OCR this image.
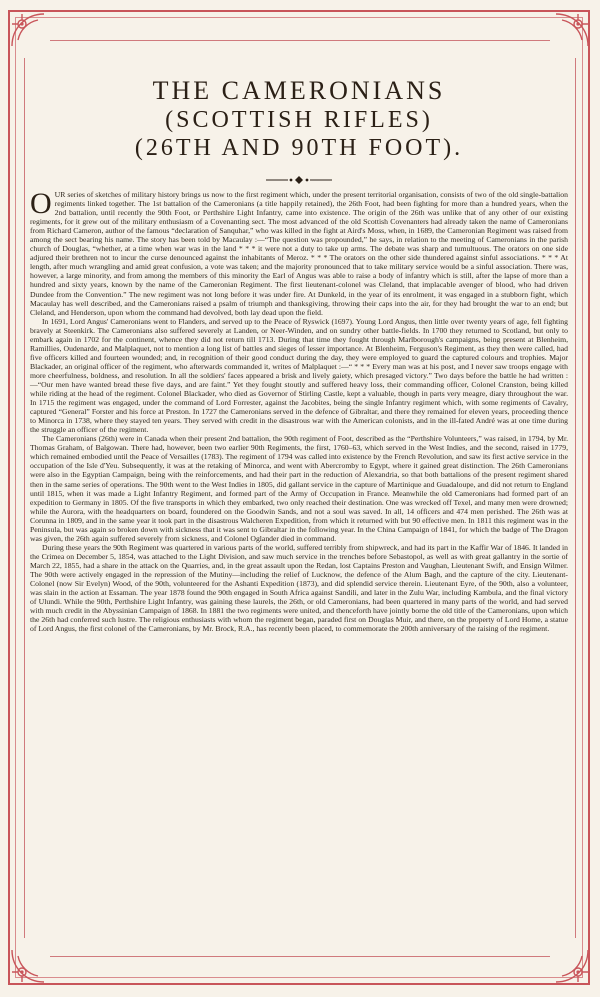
THE CAMERONIANS
(SCOTTISH RIFLES)
(26TH AND 90TH FOOT).

OUR series of sketches of military history brings us now to the first regiment which, under the present territorial organisation, consists of two of the old single-battalion regiments linked together. The 1st battalion of the Cameronians (a title happily retained), the 26th Foot, had been fighting for more than a hundred years, when the 2nd battalion, until recently the 90th Foot, or Perthshire Light Infantry, came into existence. The origin of the 26th was unlike that of any other of our existing regiments, for it grew out of the military enthusiasm of a Covenanting sect. The most advanced of the old Scottish Covenanters had already taken the name of Cameronians from Richard Cameron, author of the famous “declaration of Sanquhar,” who was killed in the fight at Aird's Moss, when, in 1689, the Cameronian Regiment was raised from among the sect bearing his name. The story has been told by Macaulay :—“The question was propounded,” he says, in relation to the meeting of Cameronians in the parish church of Douglas, “whether, at a time when war was in the land * * * it were not a duty to take up arms. The debate was sharp and tumultuous. The orators on one side adjured their brethren not to incur the curse denounced against the inhabitants of Meroz. * * * The orators on the other side thundered against sinful associations. * * * At length, after much wrangling and amid great confusion, a vote was taken; and the majority pronounced that to take military service would be a sinful association. There was, however, a large minority, and from among the members of this minority the Earl of Angus was able to raise a body of infantry which is still, after the lapse of more than a hundred and sixty years, known by the name of the Cameronian Regiment. The first lieutenant-colonel was Cleland, that implacable avenger of blood, who had driven Dundee from the Convention.” The new regiment was not long before it was under fire. At Dunkeld, in the year of its enrolment, it was engaged in a stubborn fight, which Macaulay has well described, and the Cameronians raised a psalm of triumph and thanksgiving, throwing their caps into the air, for they had brought the war to an end; but Cleland, and Henderson, upon whom the command had devolved, both lay dead upon the field.

In 1691, Lord Angus' Cameronians went to Flanders, and served up to the Peace of Ryswick (1697). Young Lord Angus, then little over twenty years of age, fell fighting bravely at Steenkirk. The Cameronians also suffered severely at Landen, or Neer-Winden, and on sundry other battle-fields. In 1700 they returned to Scotland, but only to embark again in 1702 for the continent, whence they did not return till 1713. During that time they fought through Marlborough's campaigns, being present at Blenheim, Ramillies, Oudenarde, and Malplaquet, not to mention a long list of battles and sieges of lesser importance. At Blenheim, Ferguson's Regiment, as they then were called, had five officers killed and fourteen wounded; and, in recognition of their good conduct during the day, they were employed to guard the captured colours and trophies. Major Blackader, an original officer of the regiment, who afterwards commanded it, writes of Malplaquet :—“ * * * Every man was at his post, and I never saw troops engage with more cheerfulness, boldness, and resolution. In all the soldiers' faces appeared a brisk and lively gaiety, which presaged victory.” Two days before the battle he had written :—“Our men have wanted bread these five days, and are faint.” Yet they fought stoutly and suffered heavy loss, their commanding officer, Colonel Cranston, being killed while riding at the head of the regiment. Colonel Blackader, who died as Governor of Stirling Castle, kept a valuable, though in parts very meagre, diary throughout the war. In 1715 the regiment was engaged, under the command of Lord Forrester, against the Jacobites, being the single Infantry regiment which, with some regiments of Cavalry, captured “General” Forster and his force at Preston. In 1727 the Cameronians served in the defence of Gibraltar, and there they remained for eleven years, proceeding thence to Minorca in 1738, where they stayed ten years. They served with credit in the disastrous war with the American colonists, and in the ill-fated André was at one time during the struggle an officer of the regiment.

The Cameronians (26th) were in Canada when their present 2nd battalion, the 90th regiment of Foot, described as the “Perthshire Volunteers,” was raised, in 1794, by Mr. Thomas Graham, of Balgowan. There had, however, been two earlier 90th Regiments, the first, 1760–63, which served in the West Indies, and the second, raised in 1779, which remained embodied until the Peace of Versailles (1783). The regiment of 1794 was called into existence by the French Revolution, and saw its first active service in the occupation of the Isle d'Yeu. Subsequently, it was at the retaking of Minorca, and went with Abercromby to Egypt, where it gained great distinction. The 26th Cameronians were also in the Egyptian Campaign, being with the reinforcements, and had their part in the reduction of Alexandria, so that both battalions of the present regiment shared then in the same series of operations. The 90th went to the West Indies in 1805, did gallant service in the capture of Martinique and Guadaloupe, and did not return to England until 1815, when it was made a Light Infantry Regiment, and formed part of the Army of Occupation in France. Meanwhile the old Cameronians had formed part of an expedition to Germany in 1805. Of the five transports in which they embarked, two only reached their destination. One was wrecked off Texel, and many men were drowned; while the Aurora, with the headquarters on board, foundered on the Goodwin Sands, and not a soul was saved. In all, 14 officers and 474 men perished. The 26th was at Corunna in 1809, and in the same year it took part in the disastrous Walcheren Expedition, from which it returned with but 90 effective men. In 1811 this regiment was in the Peninsula, but was again so broken down with sickness that it was sent to Gibraltar in the following year. In the China Campaign of 1841, for which the badge of The Dragon was given, the 26th again suffered severely from sickness, and Colonel Oglander died in command.

During these years the 90th Regiment was quartered in various parts of the world, suffered terribly from shipwreck, and had its part in the Kaffir War of 1846. It landed in the Crimea on December 5, 1854, was attached to the Light Division, and saw much service in the trenches before Sebastopol, as well as with great gallantry in the sortie of March 22, 1855, had a share in the attack on the Quarries, and, in the great assault upon the Redan, lost Captains Preston and Vaughan, Lieutenant Swift, and Ensign Wilmer. The 90th were actively engaged in the repression of the Mutiny—including the relief of Lucknow, the defence of the Alum Bagh, and the capture of the city. Lieutenant-Colonel (now Sir Evelyn) Wood, of the 90th, volunteered for the Ashanti Expedition (1873), and did splendid service therein. Lieutenant Eyre, of the 90th, also a volunteer, was slain in the action at Essaman. The year 1878 found the 90th engaged in South Africa against Sandili, and later in the Zulu War, including Kambula, and the final victory of Ulundi. While the 90th, Perthshire Light Infantry, was gaining these laurels, the 26th, or old Cameronians, had been quartered in many parts of the world, and had served with much credit in the Abyssinian Campaign of 1868. In 1881 the two regiments were united, and thenceforth have jointly borne the old title of the Cameronians, upon which the 26th had conferred such lustre. The religious enthusiasts with whom the regiment began, paraded first on Douglas Muir, and there, on the property of Lord Home, a statue of Lord Angus, the first colonel of the Cameronians, by Mr. Brock, R.A., has recently been placed, to commemorate the 200th anniversary of the raising of the regiment.
